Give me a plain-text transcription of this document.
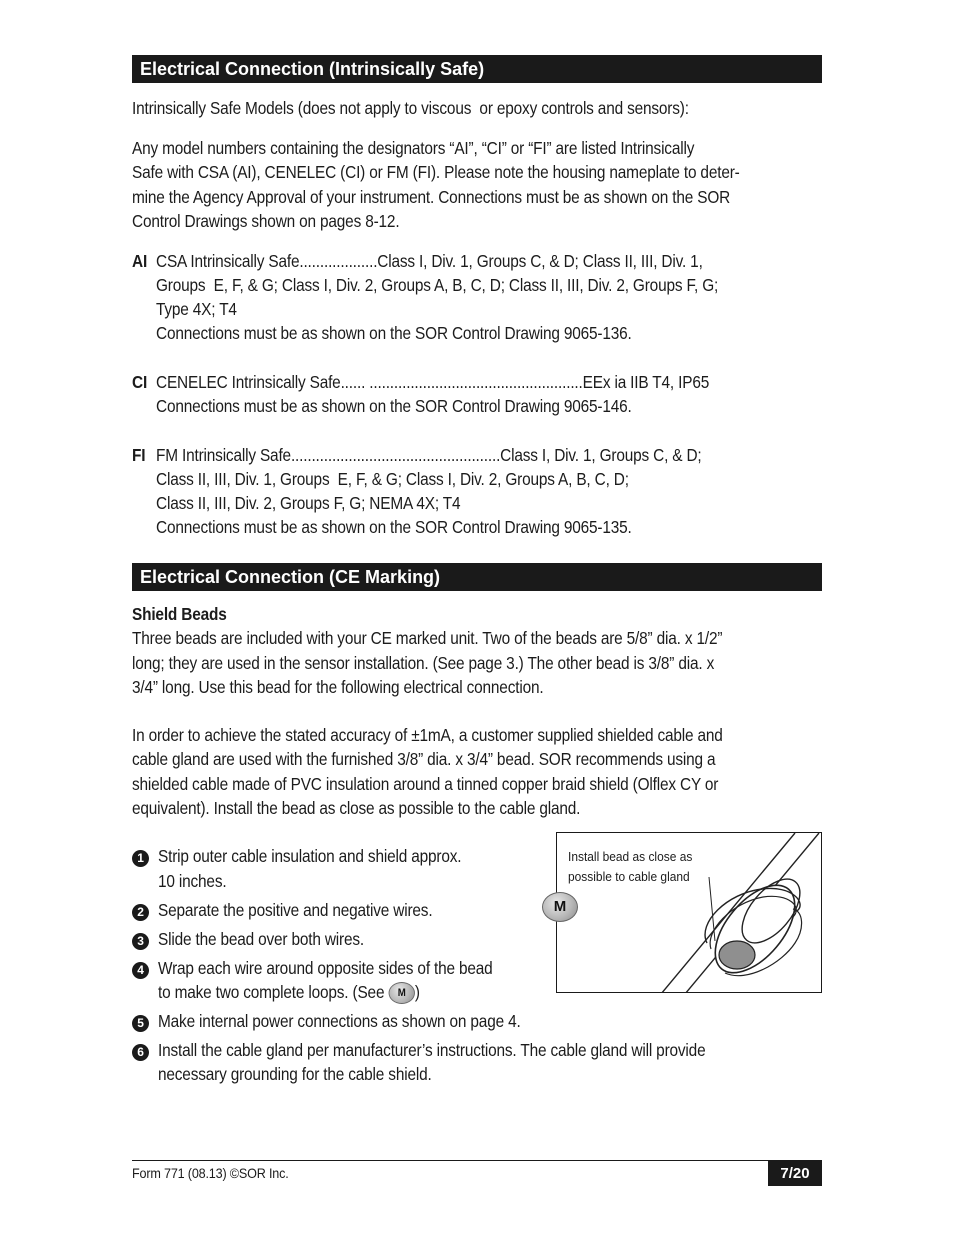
Electrical Connection (Intrinsically Safe)
Intrinsically Safe Models (does not apply to viscous  or epoxy controls and sensors):
Any model numbers containing the designators “AI”, “CI” or “FI” are listed Intrinsically
Safe with CSA (AI), CENELEC (CI) or FM (FI). Please note the housing nameplate to deter-
mine the Agency Approval of your instrument. Connections must be as shown on the SOR
Control Drawings shown on pages 8-12.
AI CSA Intrinsically Safe...................Class I, Div. 1, Groups C, & D; Class II, III, Div. 1,
Groups  E, F, & G; Class I, Div. 2, Groups A, B, C, D; Class II, III, Div. 2, Groups F, G;
Type 4X; T4
Connections must be as shown on the SOR Control Drawing 9065-136.
CI CENELEC Intrinsically Safe...... ....................................................EEx ia IIB T4, IP65
Connections must be as shown on the SOR Control Drawing 9065-146.
FI FM Intrinsically Safe...................................................Class I, Div. 1, Groups C, & D;
Class II, III, Div. 1, Groups  E, F, & G; Class I, Div. 2, Groups A, B, C, D;
Class II, III, Div. 2, Groups F, G; NEMA 4X; T4
Connections must be as shown on the SOR Control Drawing 9065-135.
Electrical Connection (CE Marking)
Shield Beads
Three beads are included with your CE marked unit. Two of the beads are 5/8” dia. x 1/2”
long; they are used in the sensor installation. (See page 3.) The other bead is 3/8” dia. x
3/4” long. Use this bead for the following electrical connection.
In order to achieve the stated accuracy of ±1mA, a customer supplied shielded cable and
cable gland are used with the furnished 3/8” dia. x 3/4” bead. SOR recommends using a
shielded cable made of PVC insulation around a tinned copper braid shield (Olflex CY or
equivalent). Install the bead as close as possible to the cable gland.
1 Strip outer cable insulation and shield approx.
10 inches.
2 Separate the positive and negative wires.
3 Slide the bead over both wires.
4 Wrap each wire around opposite sides of the bead
to make two complete loops. (See M )
5 Make internal power connections as shown on page 4.
6 Install the cable gland per manufacturer’s instructions. The cable gland will provide
necessary grounding for the cable shield.
Install bead as close as
possible to cable gland
M
Form 771 (08.13) ©SOR Inc.	7/20
